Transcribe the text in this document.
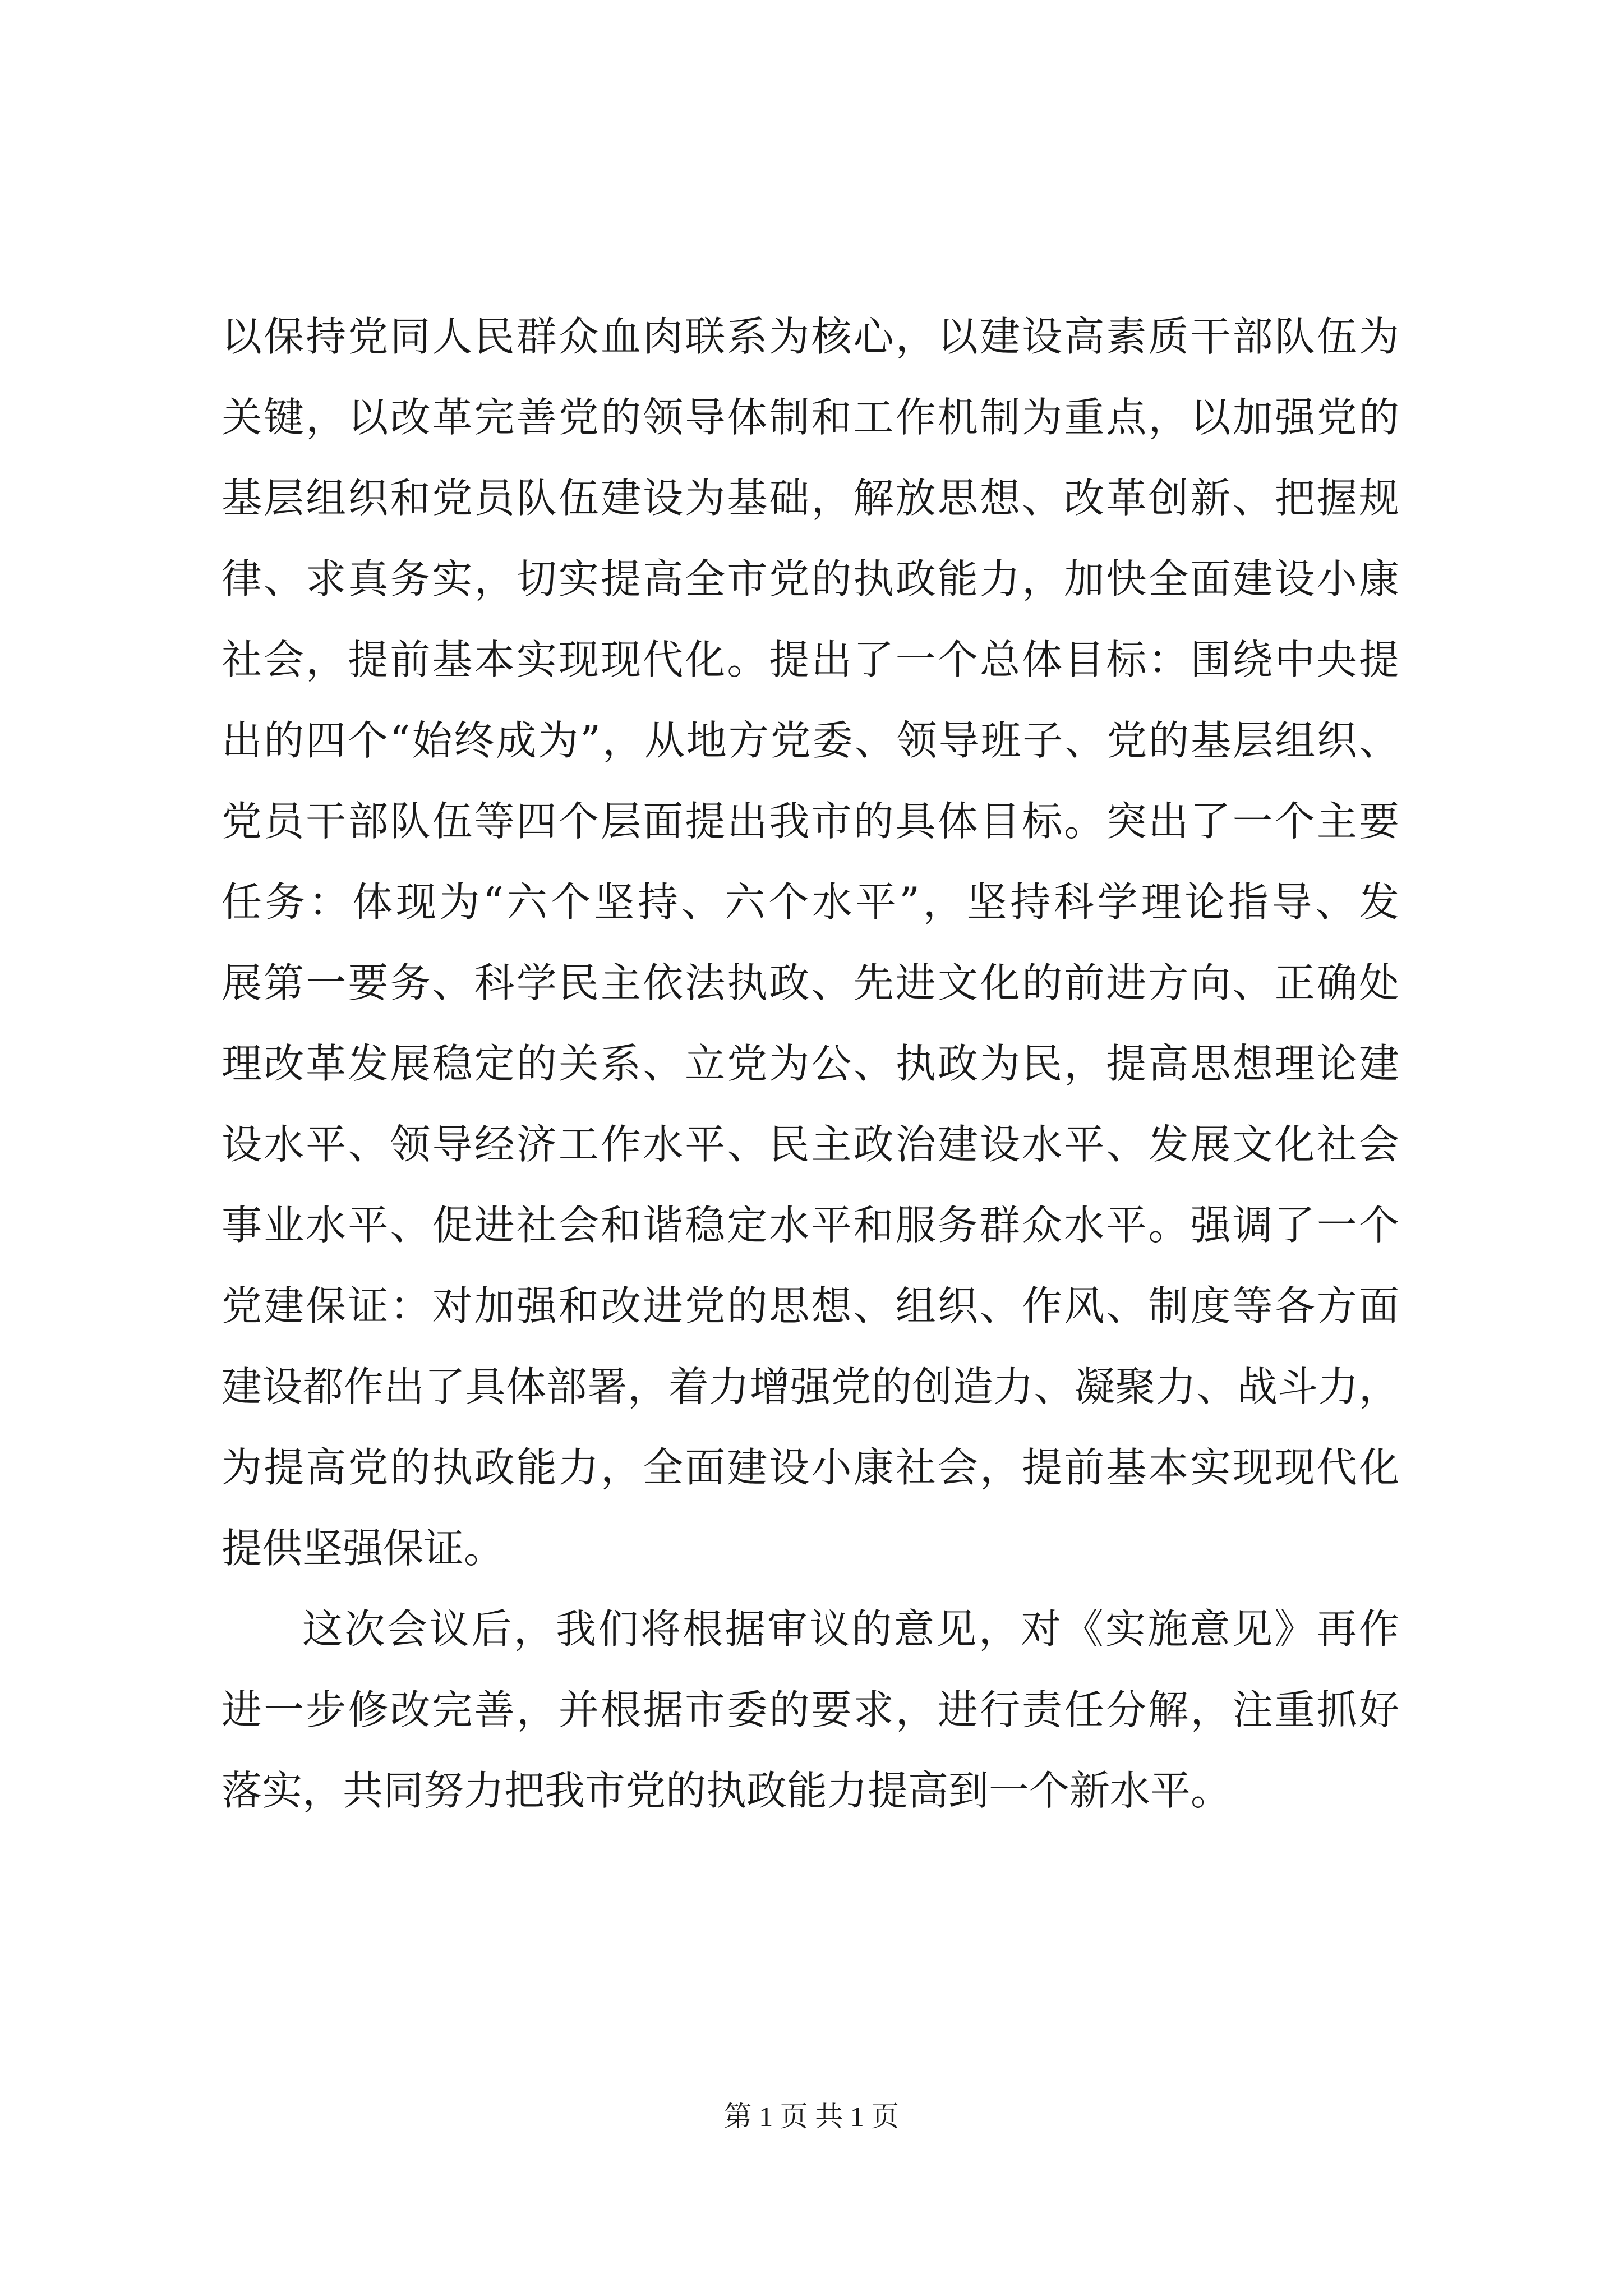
以保持党同人民群众血肉联系为核心，以建设高素质干部队伍为
关键，以改革完善党的领导体制和工作机制为重点，以加强党的
基层组织和党员队伍建设为基础，解放思想、改革创新、把握规
律、求真务实，切实提高全市党的执政能力，加快全面建设小康
社会，提前基本实现现代化。提出了一个总体目标：围绕中央提
出的四个“始终成为”，从地方党委、领导班子、党的基层组织、
党员干部队伍等四个层面提出我市的具体目标。突出了一个主要
任务：体现为“六个坚持、六个水平”，坚持科学理论指导、发
展第一要务、科学民主依法执政、先进文化的前进方向、正确处
理改革发展稳定的关系、立党为公、执政为民，提高思想理论建
设水平、领导经济工作水平、民主政治建设水平、发展文化社会
事业水平、促进社会和谐稳定水平和服务群众水平。强调了一个
党建保证：对加强和改进党的思想、组织、作风、制度等各方面
建设都作出了具体部署，着力增强党的创造力、凝聚力、战斗力，
为提高党的执政能力，全面建设小康社会，提前基本实现现代化
提供坚强保证。
这次会议后，我们将根据审议的意见，对《实施意见》再作
进一步修改完善，并根据市委的要求，进行责任分解，注重抓好
落实，共同努力把我市党的执政能力提高到一个新水平。
第 1 页 共 1 页
